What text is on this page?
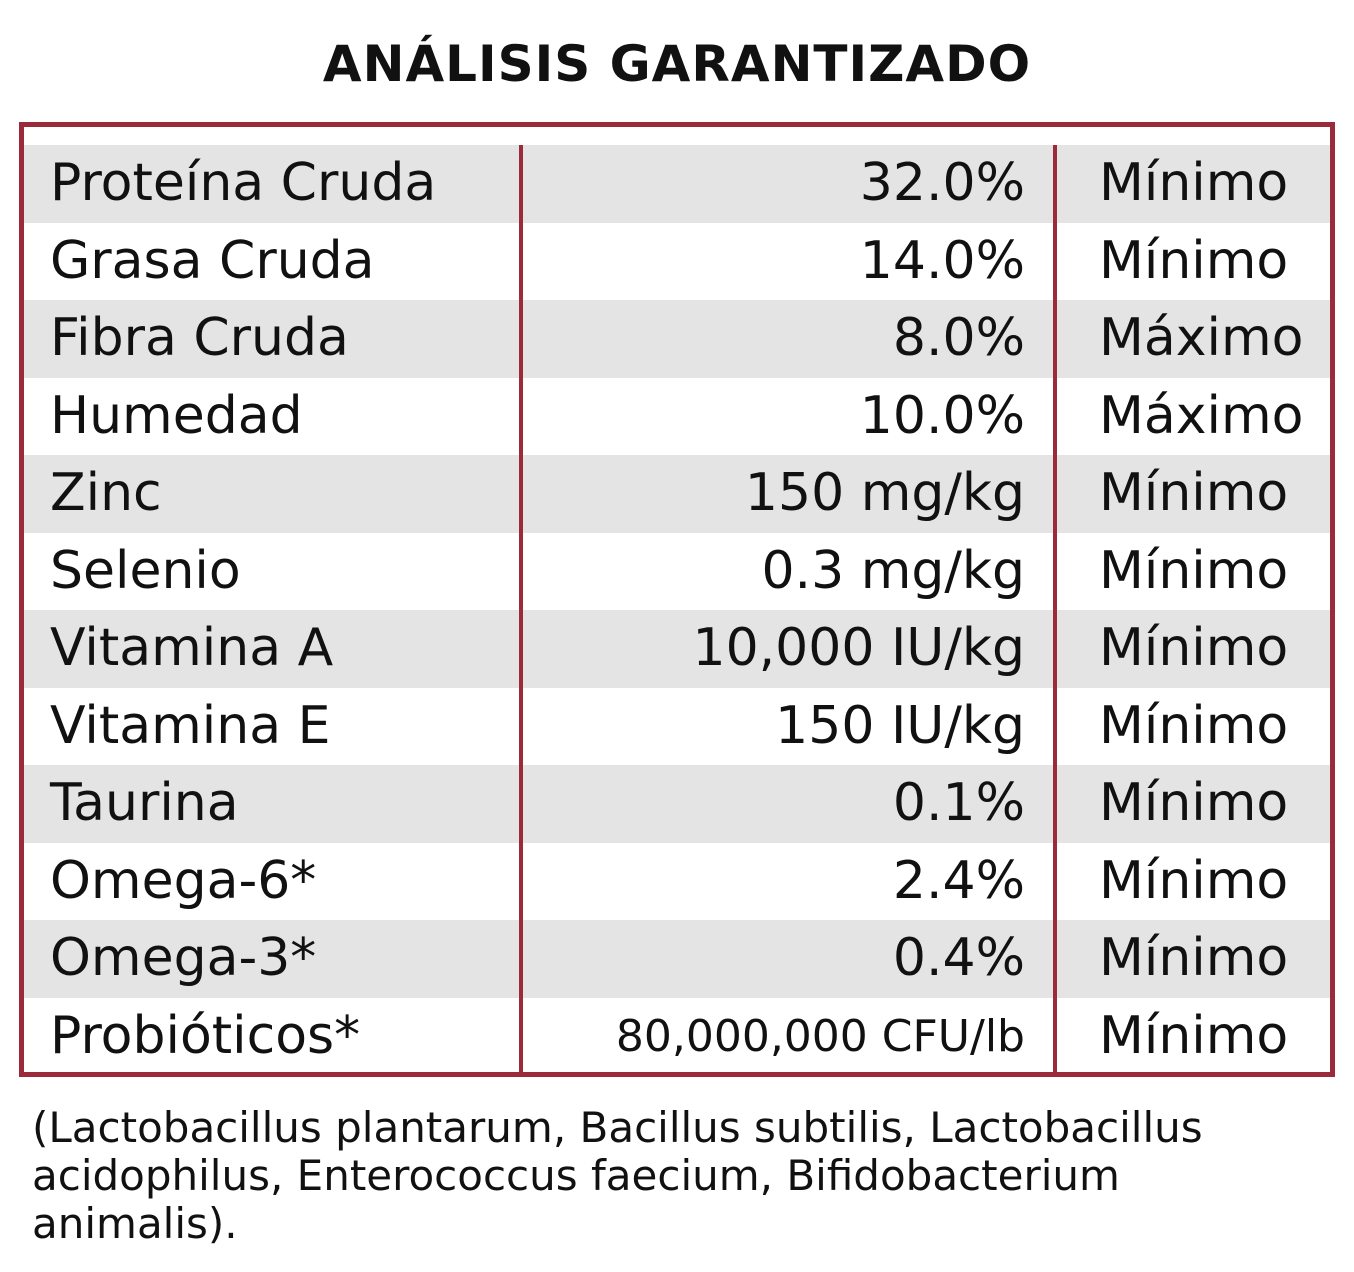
ANÁLISIS GARANTIZADO
Proteína Cruda	32.0%	Mínimo
Grasa Cruda	14.0%	Mínimo
Fibra Cruda	8.0%	Máximo
Humedad	10.0%	Máximo
Zinc	150 mg/kg	Mínimo
Selenio	0.3 mg/kg	Mínimo
Vitamina A	10,000 IU/kg	Mínimo
Vitamina E	150 IU/kg	Mínimo
Taurina	0.1%	Mínimo
Omega-6*	2.4%	Mínimo
Omega-3*	0.4%	Mínimo
Probióticos*	80,000,000 CFU/lb	Mínimo
(Lactobacillus plantarum, Bacillus subtilis, Lactobacillus acidophilus, Enterococcus faecium, Bifidobacterium animalis).
